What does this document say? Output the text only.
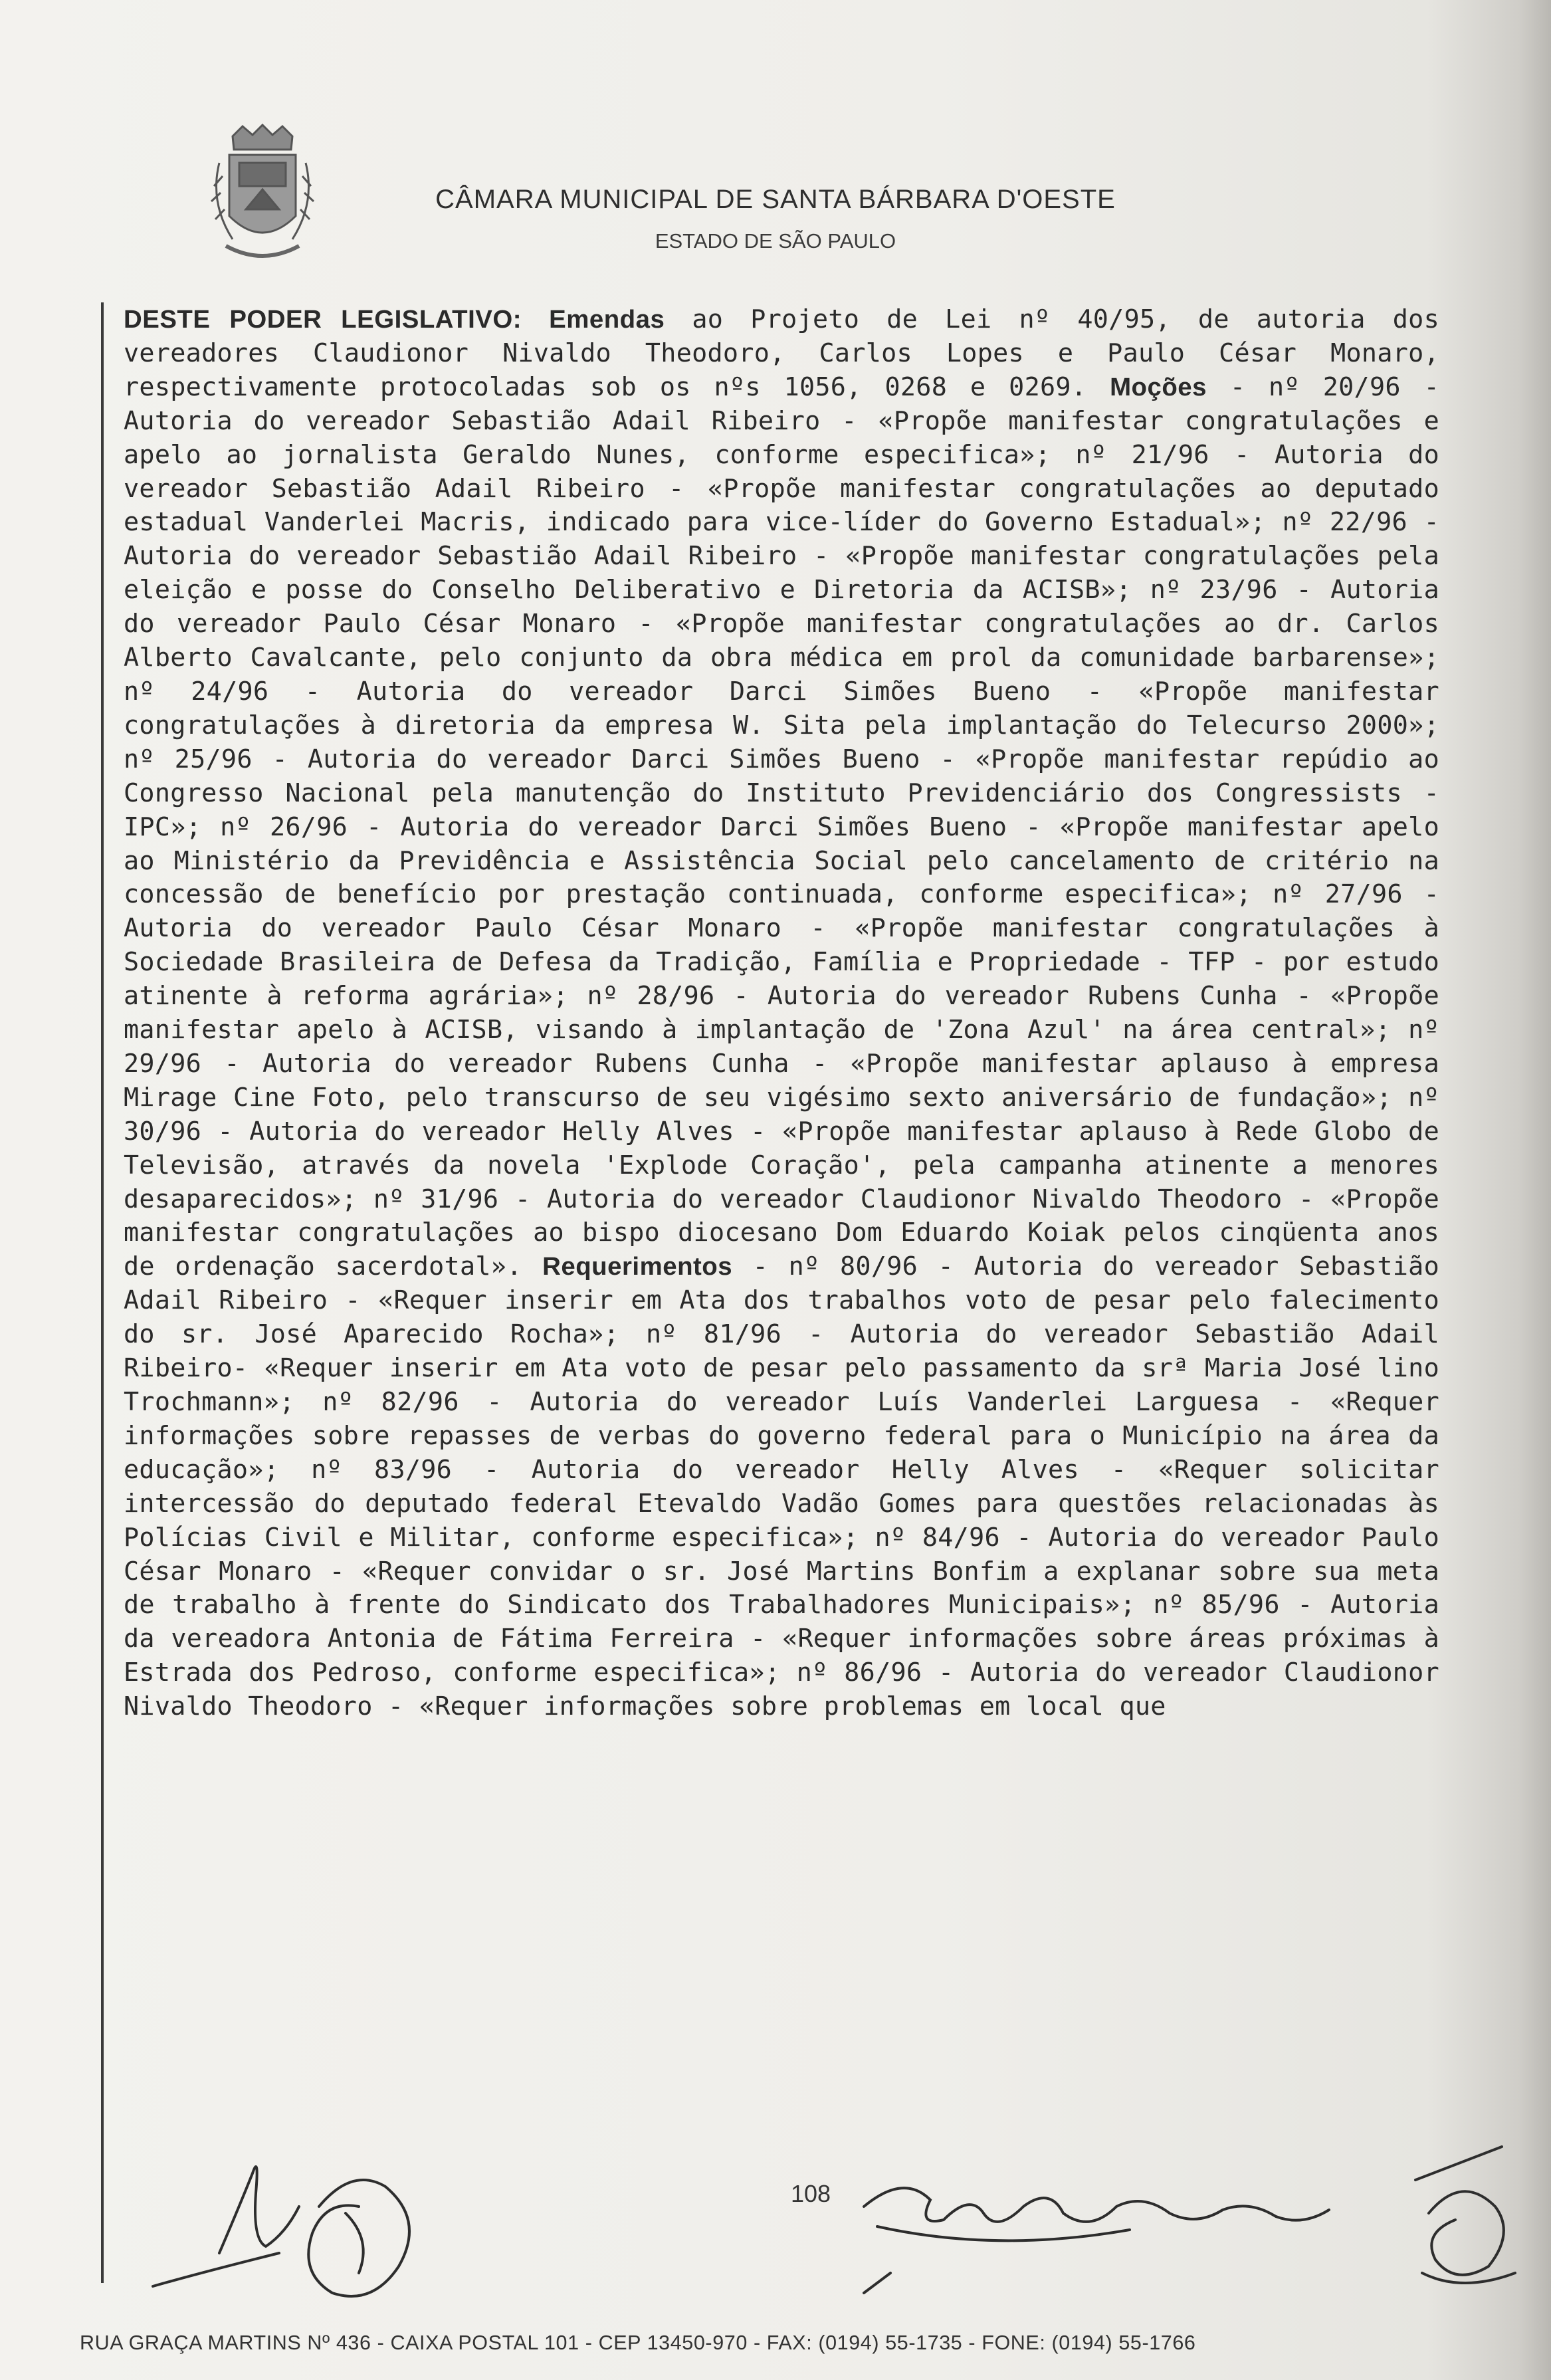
CÂMARA MUNICIPAL DE SANTA BÁRBARA D'OESTE
ESTADO DE SÃO PAULO
DESTE PODER LEGISLATIVO: Emendas ao Projeto de Lei nº 40/95, de autoria dos vereadores Claudionor Nivaldo Theodoro, Carlos Lopes e Paulo César Monaro, respectivamente protocoladas sob os nºs 1056, 0268 e 0269. Moções - nº 20/96 - Autoria do vereador Sebastião Adail Ribeiro - «Propõe manifestar congratulações e apelo ao jornalista Geraldo Nunes, conforme especifica»; nº 21/96 - Autoria do vereador Sebastião Adail Ribeiro - «Propõe manifestar congratulações ao deputado estadual Vanderlei Macris, indicado para vice-líder do Governo Estadual»; nº 22/96 - Autoria do vereador Sebastião Adail Ribeiro - «Propõe manifestar congratulações pela eleição e posse do Conselho Deliberativo e Diretoria da ACISB»; nº 23/96 - Autoria do vereador Paulo César Monaro - «Propõe manifestar congratulações ao dr. Carlos Alberto Cavalcante, pelo conjunto da obra médica em prol da comunidade barbarense»; nº 24/96 - Autoria do vereador Darci Simões Bueno - «Propõe manifestar congratulações à diretoria da empresa W. Sita pela implantação do Telecurso 2000»; nº 25/96 - Autoria do vereador Darci Simões Bueno - «Propõe manifestar repúdio ao Congresso Nacional pela manutenção do Instituto Previdenciário dos Congressists - IPC»; nº 26/96 - Autoria do vereador Darci Simões Bueno - «Propõe manifestar apelo ao Ministério da Previdência e Assistência Social pelo cancelamento de critério na concessão de benefício por prestação continuada, conforme especifica»; nº 27/96 - Autoria do vereador Paulo César Monaro - «Propõe manifestar congratulações à Sociedade Brasileira de Defesa da Tradição, Família e Propriedade - TFP - por estudo atinente à reforma agrária»; nº 28/96 - Autoria do vereador Rubens Cunha - «Propõe manifestar apelo à ACISB, visando à implantação de 'Zona Azul' na área central»; nº 29/96 - Autoria do vereador Rubens Cunha - «Propõe manifestar aplauso à empresa Mirage Cine Foto, pelo transcurso de seu vigésimo sexto aniversário de fundação»; nº 30/96 - Autoria do vereador Helly Alves - «Propõe manifestar aplauso à Rede Globo de Televisão, através da novela 'Explode Coração', pela campanha atinente a menores desaparecidos»; nº 31/96 - Autoria do vereador Claudionor Nivaldo Theodoro - «Propõe manifestar congratulações ao bispo diocesano Dom Eduardo Koiak pelos cinqüenta anos de ordenação sacerdotal». Requerimentos - nº 80/96 - Autoria do vereador Sebastião Adail Ribeiro - «Requer inserir em Ata dos trabalhos voto de pesar pelo falecimento do sr. José Aparecido Rocha»; nº 81/96 - Autoria do vereador Sebastião Adail Ribeiro- «Requer inserir em Ata voto de pesar pelo passamento da srª Maria José lino Trochmann»; nº 82/96 - Autoria do vereador Luís Vanderlei Larguesa - «Requer informações sobre repasses de verbas do governo federal para o Município na área da educação»; nº 83/96 - Autoria do vereador Helly Alves - «Requer solicitar intercessão do deputado federal Etevaldo Vadão Gomes para questões relacionadas às Polícias Civil e Militar, conforme especifica»; nº 84/96 - Autoria do vereador Paulo César Monaro - «Requer convidar o sr. José Martins Bonfim a explanar sobre sua meta de trabalho à frente do Sindicato dos Trabalhadores Municipais»; nº 85/96 - Autoria da vereadora Antonia de Fátima Ferreira - «Requer informações sobre áreas próximas à Estrada dos Pedroso, conforme especifica»; nº 86/96 - Autoria do vereador Claudionor Nivaldo Theodoro - «Requer informações sobre problemas em local que
108
RUA GRAÇA MARTINS Nº 436 - CAIXA POSTAL 101 - CEP 13450-970 - FAX: (0194) 55-1735 - FONE: (0194) 55-1766
